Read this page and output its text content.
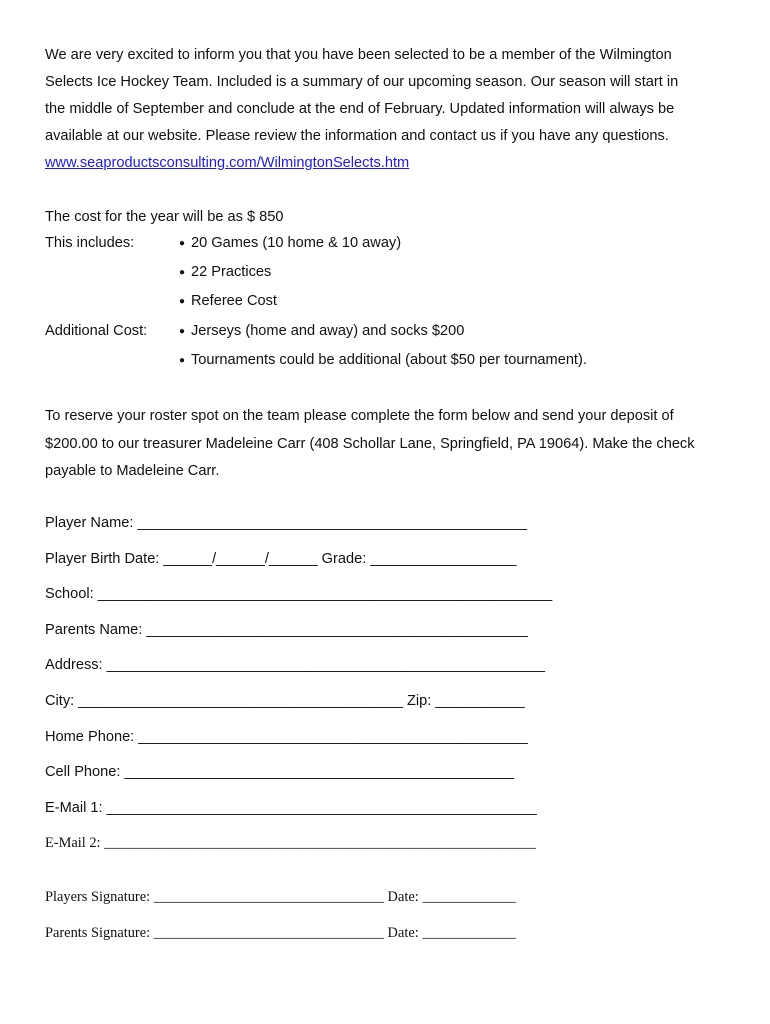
We are very excited to inform you that you have been selected to be a member of the Wilmington
Selects Ice Hockey Team. Included is a summary of our upcoming season. Our season will start in
the middle of September and conclude at the end of February. Updated information will always be
available at our website. Please review the information and contact us if you have any questions.
www.seaproductsconsulting.com/WilmingtonSelects.htm
The cost for the year will be as $ 850
This includes:	● 20 Games (10 home & 10 away)
● 22 Practices
● Referee Cost
Additional Cost:	● Jerseys (home and away) and socks $200
● Tournaments could be additional (about $50 per tournament).
To reserve your roster spot on the team please complete the form below and send your deposit of
$200.00 to our treasurer Madeleine Carr (408 Schollar Lane, Springfield, PA 19064). Make the check
payable to Madeleine Carr.
Player Name: ________________________________________________
Player Birth Date: ______/______/______ Grade: __________________
School: ________________________________________________________
Parents Name: _______________________________________________
Address: ______________________________________________________
City: ________________________________________ Zip: ___________
Home Phone: ________________________________________________
Cell Phone: ________________________________________________
E-Mail 1: _____________________________________________________
E-Mail 2: ____________________________________________________________
Players Signature: ________________________________ Date: _____________
Parents Signature: ________________________________ Date: _____________
